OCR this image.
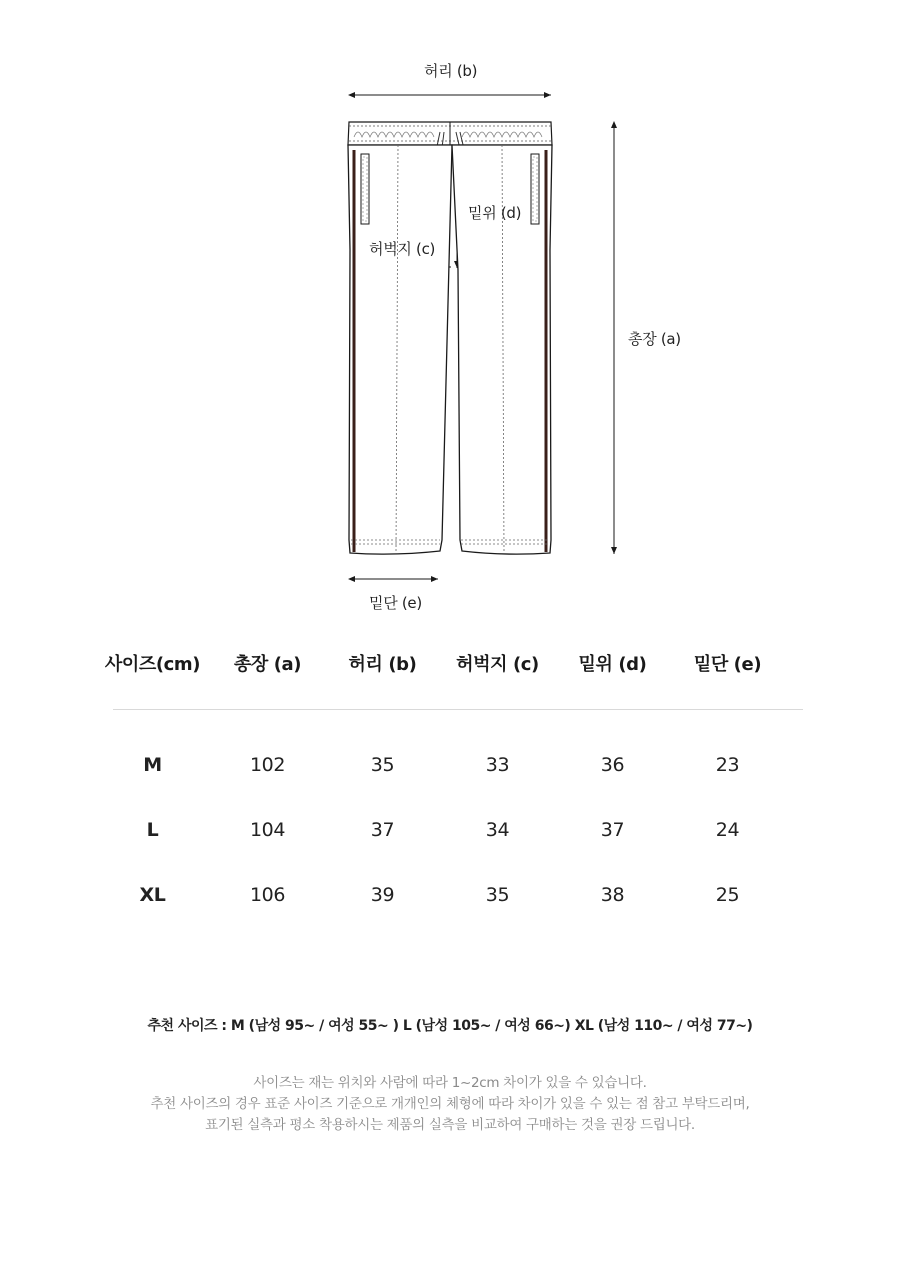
허리 (b)
밑위 (d)
허벅지 (c)
총장 (a)
밑단 (e)
사이즈(cm)	총장 (a)	허리 (b)	허벅지 (c)	밑위 (d)	밑단 (e)
M	102	35	33	36	23
L	104	37	34	37	24
XL	106	39	35	38	25
추천 사이즈 : M (남성 95~ / 여성 55~ ) L (남성 105~ / 여성 66~) XL (남성 110~ / 여성 77~)
사이즈는 재는 위치와 사람에 따라 1~2cm 차이가 있을 수 있습니다.
추천 사이즈의 경우 표준 사이즈 기준으로 개개인의 체형에 따라 차이가 있을 수 있는 점 참고 부탁드리며,
표기된 실측과 평소 착용하시는 제품의 실측을 비교하여 구매하는 것을 권장 드립니다.
